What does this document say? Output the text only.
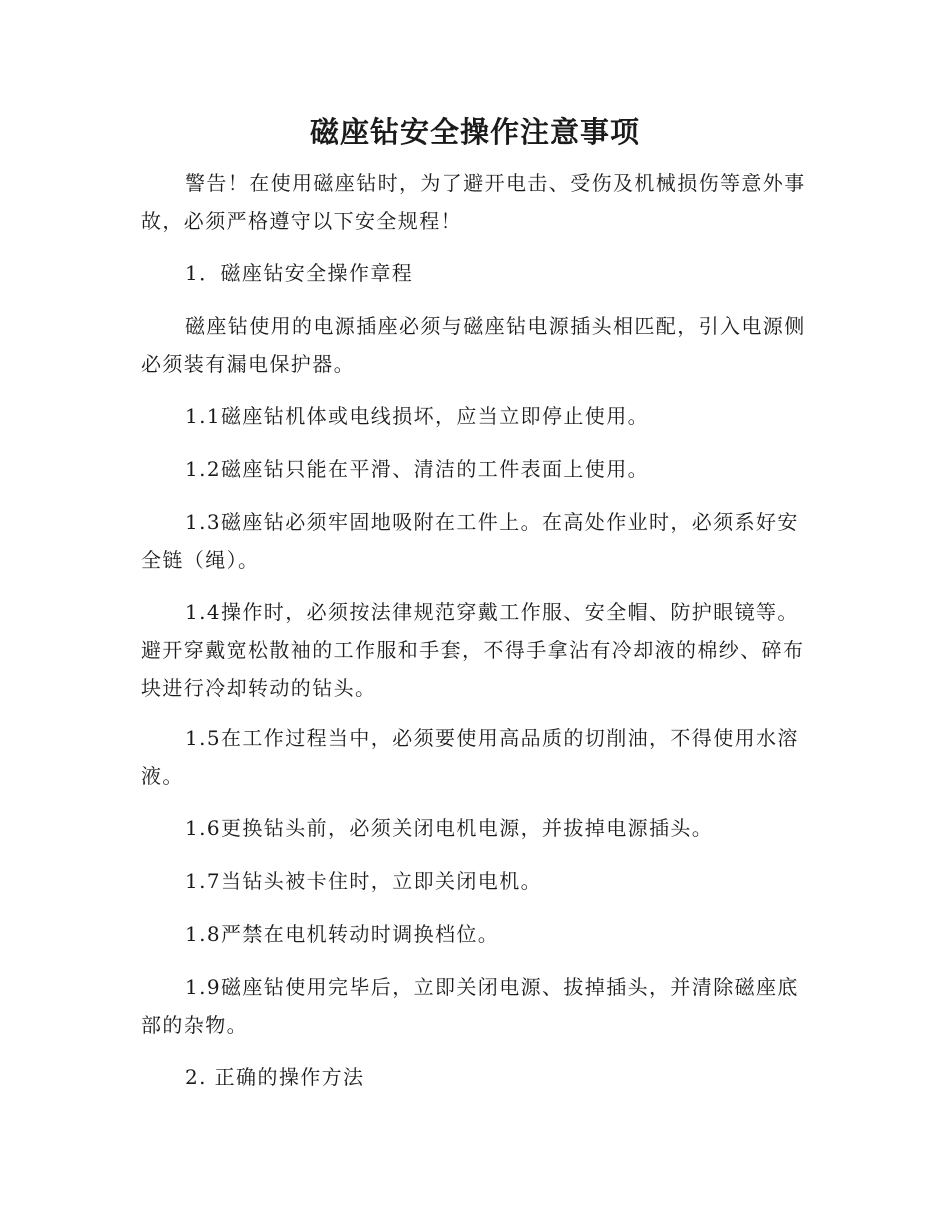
磁座钻安全操作注意事项

警告！在使用磁座钻时，为了避开电击、受伤及机械损伤等意外事故，必须严格遵守以下安全规程！

1．磁座钻安全操作章程

磁座钻使用的电源插座必须与磁座钻电源插头相匹配，引入电源侧必须装有漏电保护器。

1.1磁座钻机体或电线损坏，应当立即停止使用。

1.2磁座钻只能在平滑、清洁的工件表面上使用。

1.3磁座钻必须牢固地吸附在工件上。在高处作业时，必须系好安全链（绳）。

1.4操作时，必须按法律规范穿戴工作服、安全帽、防护眼镜等。避开穿戴宽松散袖的工作服和手套，不得手拿沾有冷却液的棉纱、碎布块进行冷却转动的钻头。

1.5在工作过程当中，必须要使用高品质的切削油，不得使用水溶液。

1.6更换钻头前，必须关闭电机电源，并拔掉电源插头。

1.7当钻头被卡住时，立即关闭电机。

1.8严禁在电机转动时调换档位。

1.9磁座钻使用完毕后，立即关闭电源、拔掉插头，并清除磁座底部的杂物。

2. 正确的操作方法
